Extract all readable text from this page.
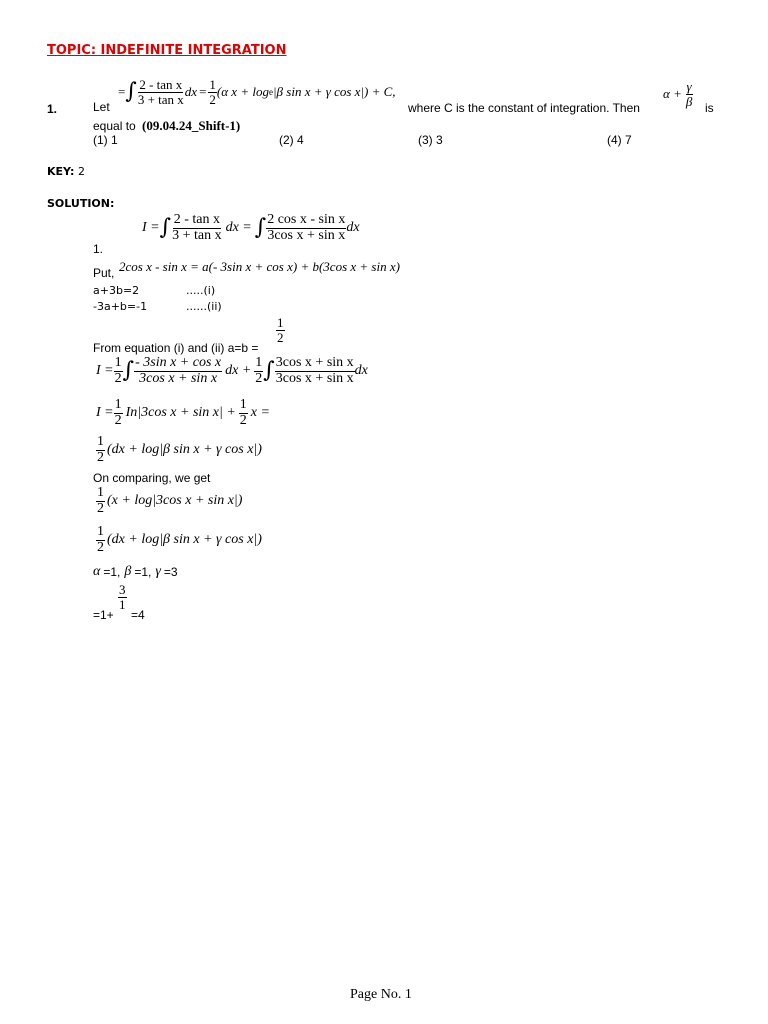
TOPIC: INDEFINITE INTEGRATION
1.	Let
= ∫ $\frac{\text{2 - tan x}}{\text{3 + tan x}}$ dx = $\frac{1}{2} (\alpha$ x + log e |β sin x + γ cos x|) + C,
where C is the constant of integration. Then
$\alpha + \frac{\gamma}{\beta}$ is
equal to (09.04.24_Shift-1)
(1) 1	(2) 4	(3) 3	(4) 7
KEY: 2
SOLUTION:
I = ∫ $\frac{\text{2 - tan x}}{\text{3 + tan x}}$ dx = ∫ $\frac{\text{2 cos x - sin x}}{\text{3cos x + sin x}}$ dx
1.
Put, 2cos x - sin x = a(- 3sin x + cos x) + b(3cos x + sin x)
a+3b=2	.....(i)
-3a+b=-1	......(ii)
From equation (i) and (ii) a=b =
$\frac{1}{2}$
$I = \frac{1}{2}$ ∫ $\frac{\text{- 3sin x + cos x}}{\text{3cos x + sin x}}$ dx + $\frac{1}{2}$ ∫ $\frac{\text{3cos x + sin x}}{\text{3cos x + sin x}}$ dx
$I = \frac{1}{2} In|3\cos$ $x + \sin x| + \frac{1}{2}$ x =
$\frac{1}{2} (dx + \log|\beta$ sin x + γ cos x|)
On comparing, we get
$\frac{1}{2} (x + \log|3\cos$ x + sin x|)
$\frac{1}{2} (dx + \log|\beta$ sin x + γ cos x|)
α =1, β =1, γ =3
=1+
$\frac{3}{1}$
=4
Page No. 1
